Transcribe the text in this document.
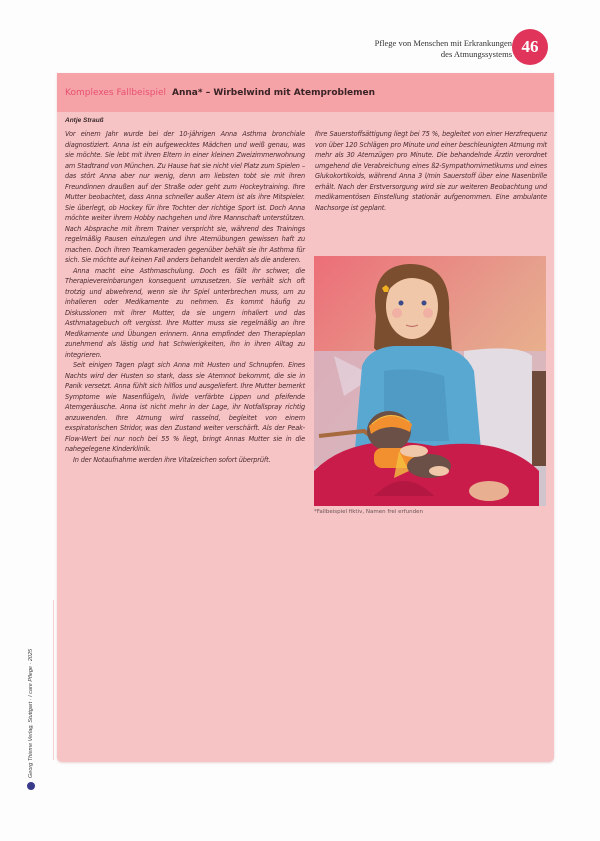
Pflege von Menschen mit Erkrankungen
des Atmungssystems 46
Georg Thieme Verlag, Stuttgart · I care Pflege · 2025
Komplexes Fallbeispiel Anna* – Wirbelwind mit Atemproblemen
Antje Strauß

Vor einem Jahr wurde bei der 10-jährigen Anna Asthma bronchiale diagnostiziert. Anna ist ein aufgewecktes Mädchen und weiß genau, was sie möchte. Sie lebt mit ihren Eltern in einer kleinen Zweizimmerwohnung am Stadtrand von München. Zu Hause hat sie nicht viel Platz zum Spielen – das stört Anna aber nur wenig, denn am liebsten tobt sie mit ihren Freundinnen draußen auf der Straße oder geht zum Hockeytraining. Ihre Mutter beobachtet, dass Anna schneller außer Atem ist als ihre Mitspieler. Sie überlegt, ob Hockey für ihre Tochter der richtige Sport ist. Doch Anna möchte weiter ihrem Hobby nachgehen und ihre Mannschaft unterstützen. Nach Absprache mit ihrem Trainer verspricht sie, während des Trainings regelmäßig Pausen einzulegen und ihre Atemübungen gewissen haft zu machen. Doch ihren Teamkameraden gegenüber behält sie ihr Asthma für sich. Sie möchte auf keinen Fall anders behandelt werden als die anderen.

Anna macht eine Asthmaschulung. Doch es fällt ihr schwer, die Therapievereinbarungen konsequent umzusetzen. Sie verhält sich oft trotzig und abwehrend, wenn sie ihr Spiel unterbrechen muss, um zu inhalieren oder Medikamente zu nehmen. Es kommt häufig zu Diskussionen mit ihrer Mutter, da sie ungern inhaliert und das Asthmatagebuch oft vergisst. Ihre Mutter muss sie regelmäßig an ihre Medikamente und Übungen erinnern. Anna empfindet den Therapieplan zunehmend als lästig und hat Schwierigkeiten, ihn in ihren Alltag zu integrieren.

Seit einigen Tagen plagt sich Anna mit Husten und Schnupfen. Eines Nachts wird der Husten so stark, dass sie Atemnot bekommt, die sie in Panik versetzt. Anna fühlt sich hilflos und ausgeliefert. Ihre Mutter bemerkt Symptome wie Nasenflügeln, livide verfärbte Lippen und pfeifende Atemgeräusche. Anna ist nicht mehr in der Lage, ihr Notfallspray richtig anzuwenden. Ihre Atmung wird rasselnd, begleitet von einem exspiratorischen Stridor, was den Zustand weiter verschärft. Als der Peak-Flow-Wert bei nur noch bei 55 % liegt, bringt Annas Mutter sie in die nahegelegene Kinderklinik.

In der Notaufnahme werden ihre Vitalzeichen sofort überprüft.

Ihre Sauerstoffsättigung liegt bei 75 %, begleitet von einer Herzfrequenz von über 120 Schlägen pro Minute und einer beschleunigten Atmung mit mehr als 30 Atemzügen pro Minute. Die behandelnde Ärztin verordnet umgehend die Verabreichung eines ß2-Sympathomimetikums und eines Glukokortikoids, während Anna 3 l/min Sauerstoff über eine Nasenbrille erhält. Nach der Erstversorgung wird sie zur weiteren Beobachtung und medikamentösen Einstellung stationär aufgenommen. Eine ambulante Nachsorge ist geplant.

*Fallbeispiel fiktiv, Namen frei erfunden
